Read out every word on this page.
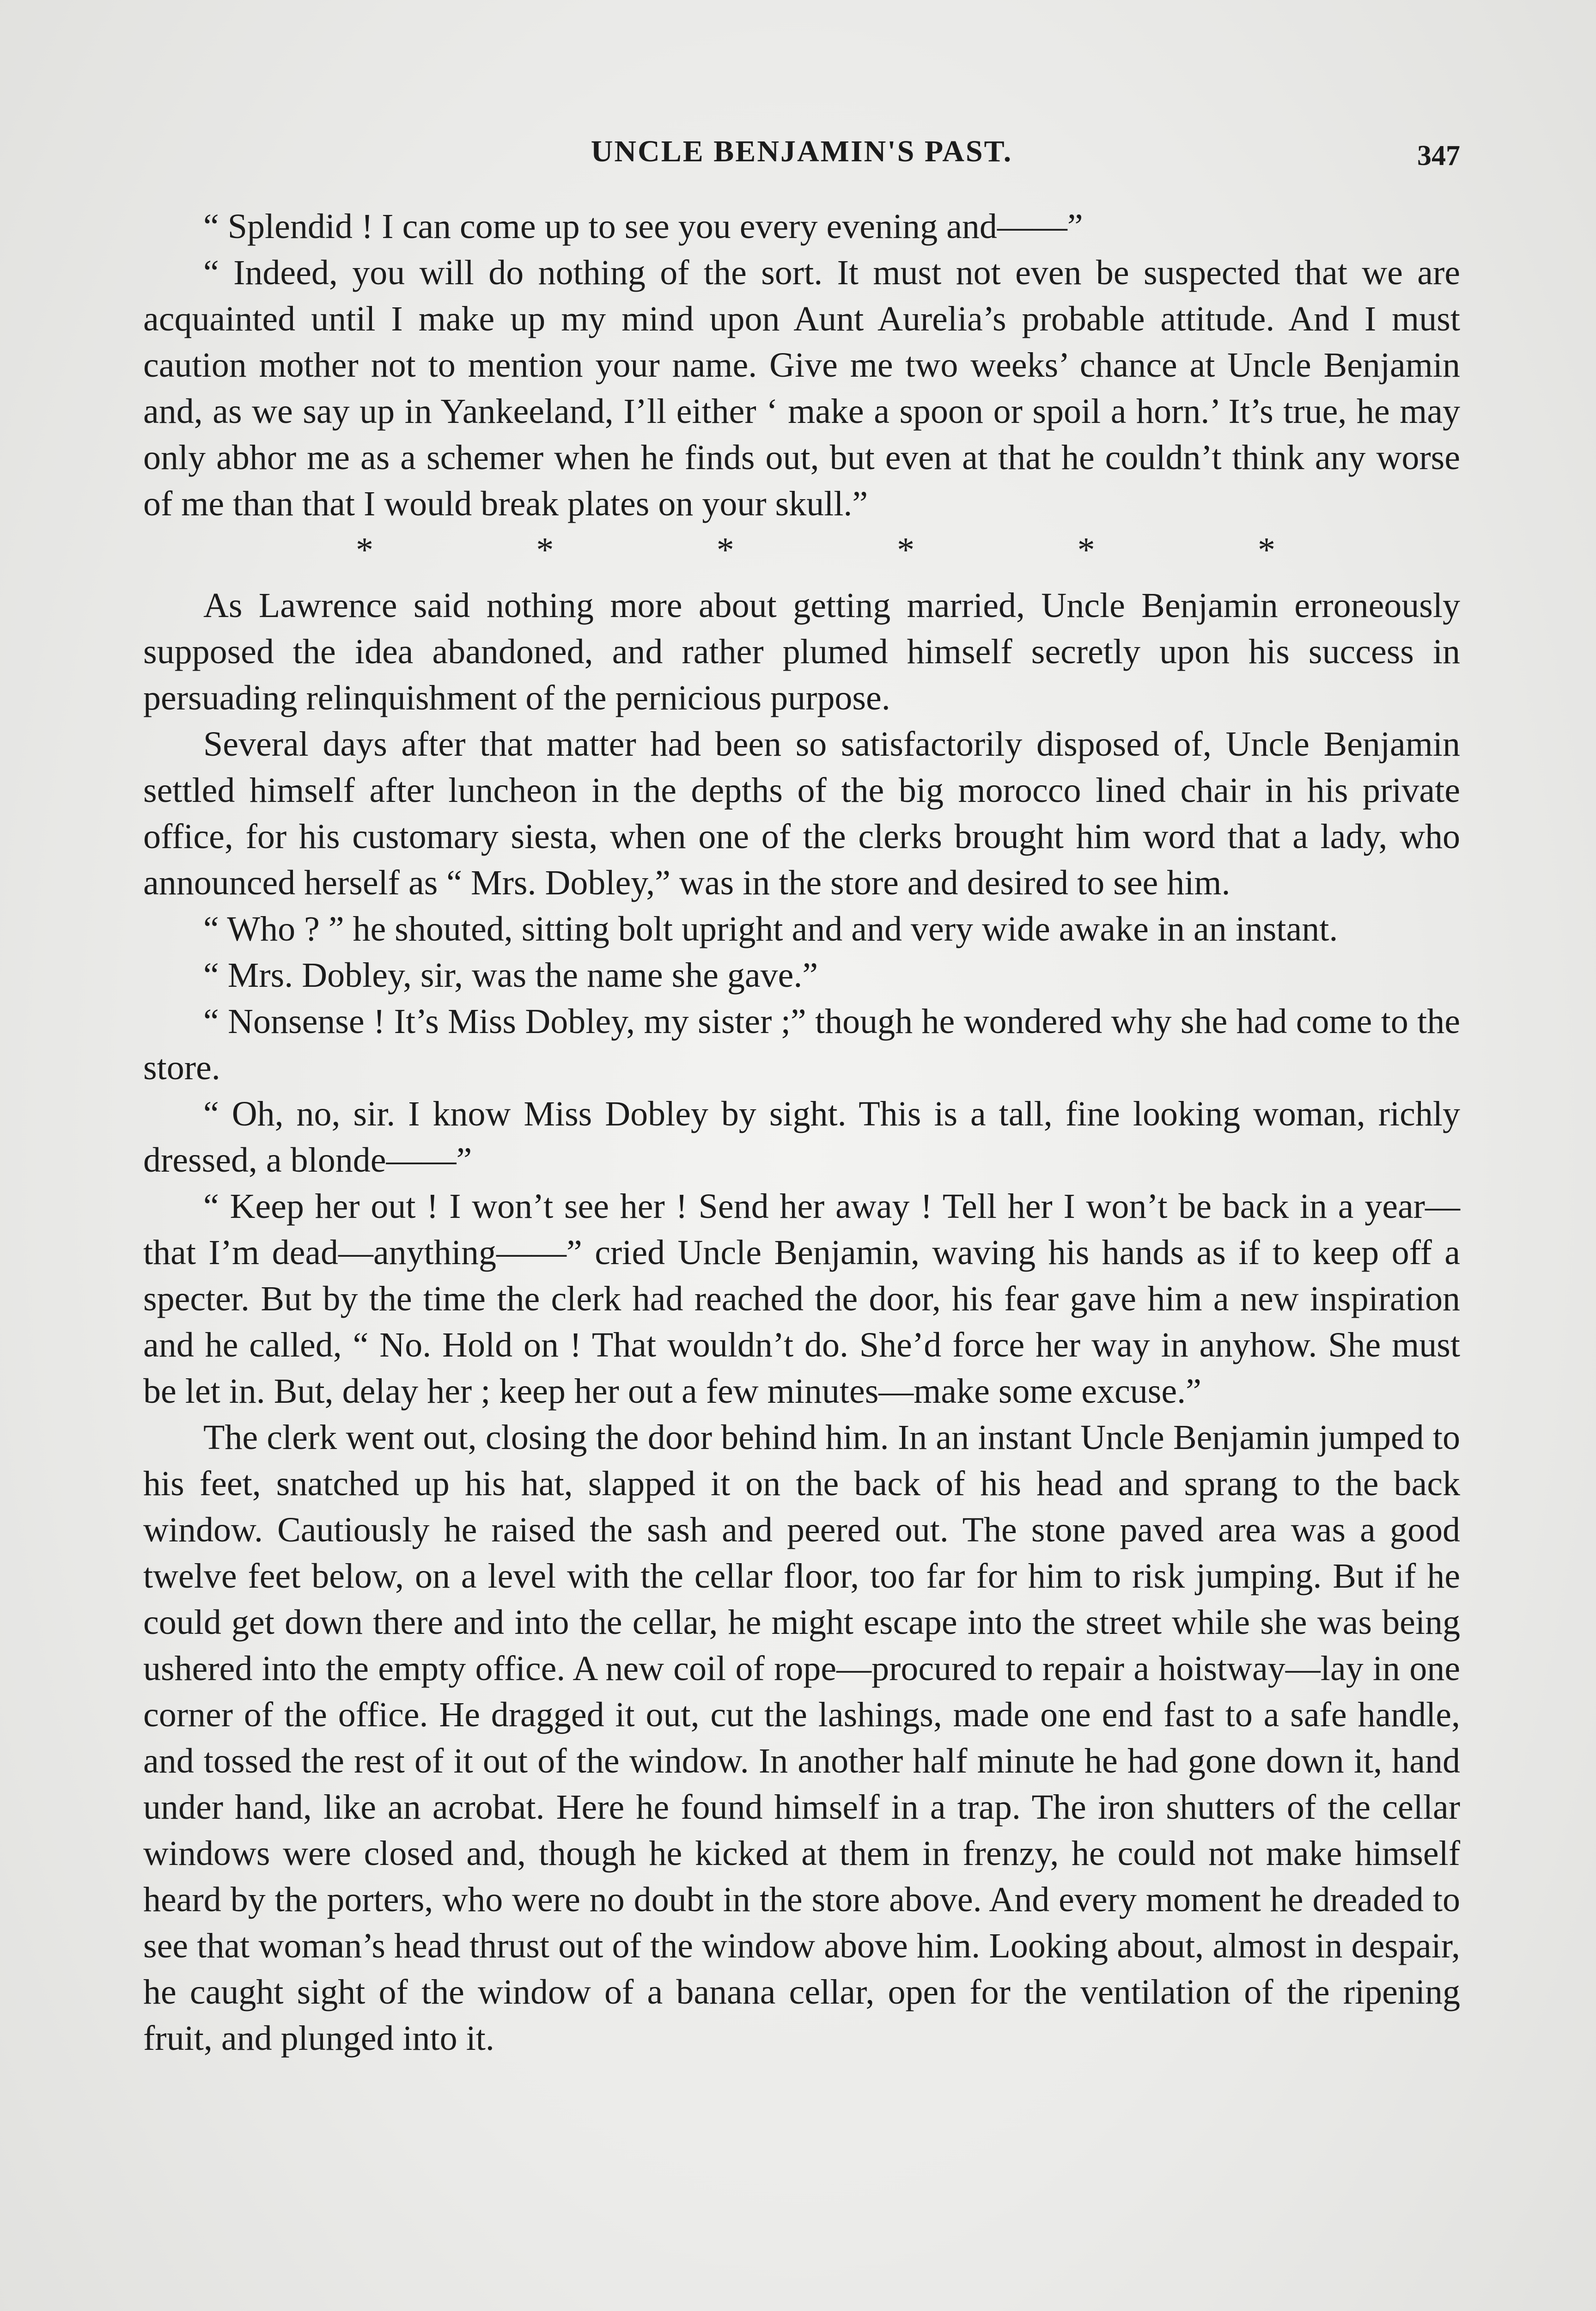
UNCLE BENJAMIN'S PAST.	347

“ Splendid ! I can come up to see you every evening and——”

“ Indeed, you will do nothing of the sort. It must not even be suspected that we are acquainted until I make up my mind upon Aunt Aurelia’s probable attitude. And I must caution mother not to mention your name. Give me two weeks’ chance at Uncle Benjamin and, as we say up in Yankeeland, I’ll either ‘ make a spoon or spoil a horn.’ It’s true, he may only abhor me as a schemer when he finds out, but even at that he couldn’t think any worse of me than that I would break plates on your skull.”

*	*	*	*	*	*

As Lawrence said nothing more about getting married, Uncle Benjamin erroneously supposed the idea abandoned, and rather plumed himself secretly upon his success in persuading relinquishment of the pernicious purpose.

Several days after that matter had been so satisfactorily disposed of, Uncle Benjamin settled himself after luncheon in the depths of the big morocco lined chair in his private office, for his customary siesta, when one of the clerks brought him word that a lady, who announced herself as “ Mrs. Dobley,” was in the store and desired to see him.

“ Who ? ” he shouted, sitting bolt upright and and very wide awake in an instant.

“ Mrs. Dobley, sir, was the name she gave.”

“ Nonsense ! It’s Miss Dobley, my sister ;” though he wondered why she had come to the store.

“ Oh, no, sir. I know Miss Dobley by sight. This is a tall, fine looking woman, richly dressed, a blonde——”

“ Keep her out ! I won’t see her ! Send her away ! Tell her I won’t be back in a year—that I’m dead—anything——” cried Uncle Benjamin, waving his hands as if to keep off a specter. But by the time the clerk had reached the door, his fear gave him a new inspiration and he called, “ No. Hold on ! That wouldn’t do. She’d force her way in anyhow. She must be let in. But, delay her ; keep her out a few minutes—make some excuse.”

The clerk went out, closing the door behind him. In an instant Uncle Benjamin jumped to his feet, snatched up his hat, slapped it on the back of his head and sprang to the back window. Cautiously he raised the sash and peered out. The stone paved area was a good twelve feet below, on a level with the cellar floor, too far for him to risk jumping. But if he could get down there and into the cellar, he might escape into the street while she was being ushered into the empty office. A new coil of rope—procured to repair a hoistway—lay in one corner of the office. He dragged it out, cut the lashings, made one end fast to a safe handle, and tossed the rest of it out of the window. In another half minute he had gone down it, hand under hand, like an acrobat. Here he found himself in a trap. The iron shutters of the cellar windows were closed and, though he kicked at them in frenzy, he could not make himself heard by the porters, who were no doubt in the store above. And every moment he dreaded to see that woman’s head thrust out of the window above him. Looking about, almost in despair, he caught sight of the window of a banana cellar, open for the ventilation of the ripening fruit, and plunged into it.
